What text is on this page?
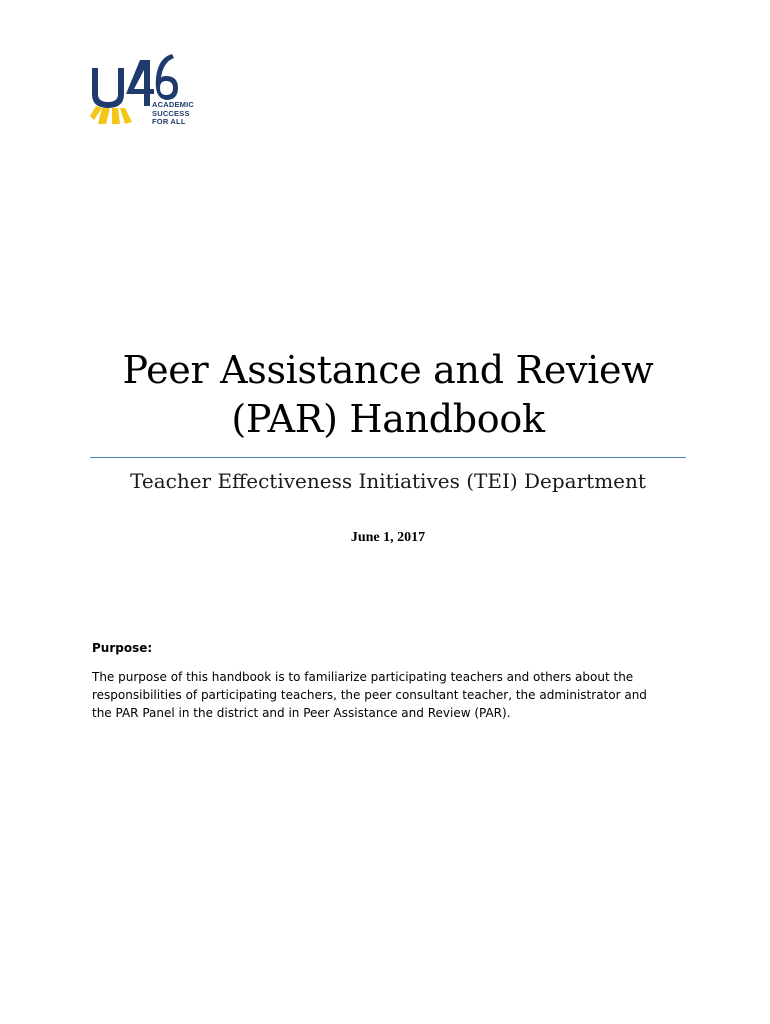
ACADEMIC
SUCCESS
FOR ALL
Peer Assistance and Review
(PAR) Handbook
Teacher Effectiveness Initiatives (TEI) Department
June 1, 2017
Purpose:
The purpose of this handbook is to familiarize participating teachers and others about the
responsibilities of participating teachers, the peer consultant teacher, the administrator and
the PAR Panel in the district and in Peer Assistance and Review (PAR).
